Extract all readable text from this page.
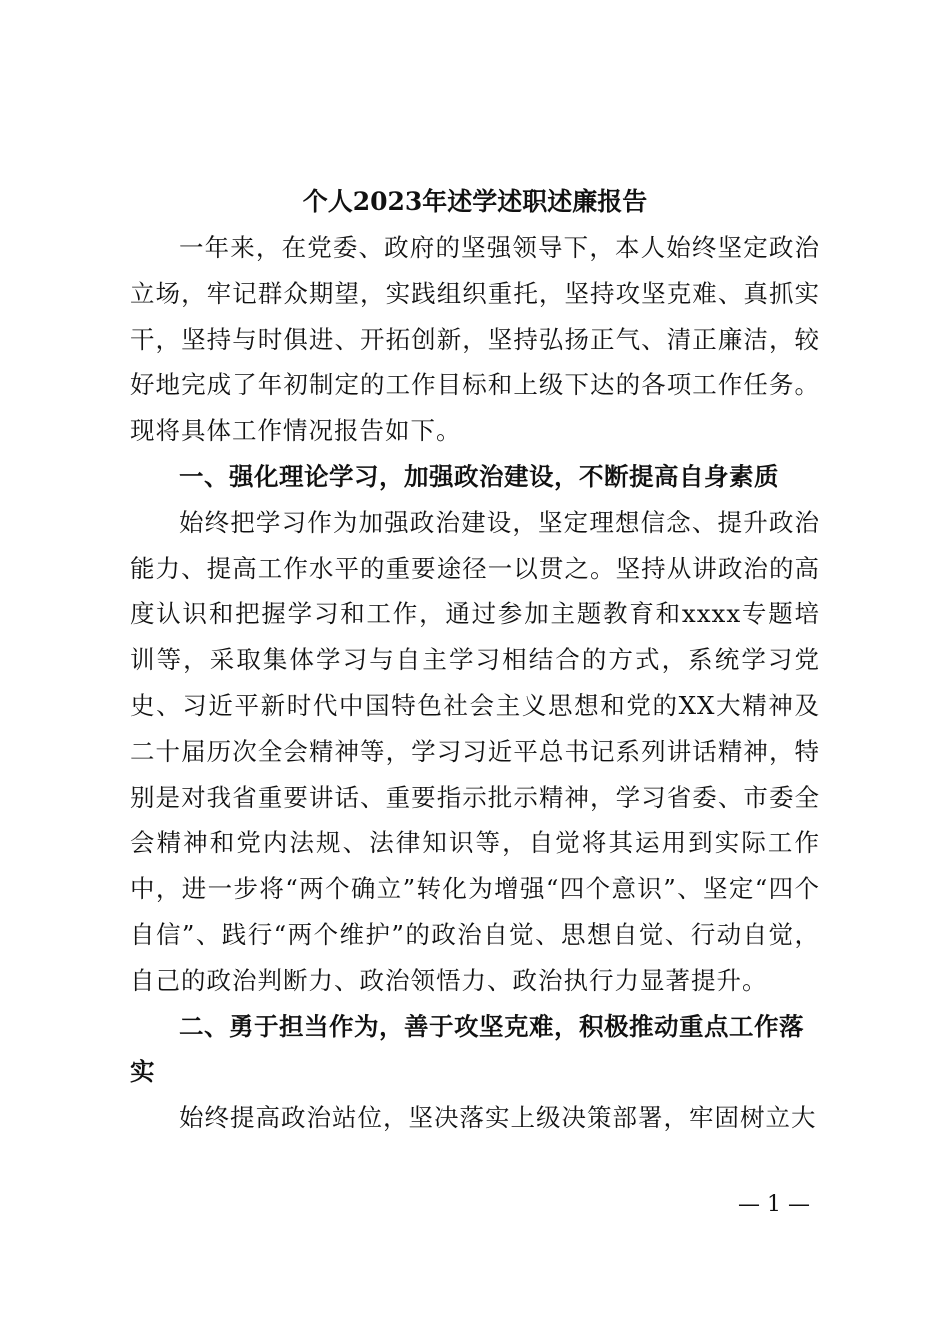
个人2023年述学述职述廉报告

一年来，在党委、政府的坚强领导下，本人始终坚定政治立场，牢记群众期望，实践组织重托，坚持攻坚克难、真抓实干，坚持与时俱进、开拓创新，坚持弘扬正气、清正廉洁，较好地完成了年初制定的工作目标和上级下达的各项工作任务。现将具体工作情况报告如下。

一、强化理论学习，加强政治建设，不断提高自身素质

始终把学习作为加强政治建设，坚定理想信念、提升政治能力、提高工作水平的重要途径一以贯之。坚持从讲政治的高度认识和把握学习和工作，通过参加主题教育和xxxx专题培训等，采取集体学习与自主学习相结合的方式，系统学习党史、习近平新时代中国特色社会主义思想和党的XX大精神及二十届历次全会精神等，学习习近平总书记系列讲话精神，特别是对我省重要讲话、重要指示批示精神，学习省委、市委全会精神和党内法规、法律知识等，自觉将其运用到实际工作中，进一步将“两个确立”转化为增强“四个意识”、坚定“四个自信”、践行“两个维护”的政治自觉、思想自觉、行动自觉，自己的政治判断力、政治领悟力、政治执行力显著提升。

二、勇于担当作为，善于攻坚克难，积极推动重点工作落实

始终提高政治站位，坚决落实上级决策部署，牢固树立大

— 1 —
